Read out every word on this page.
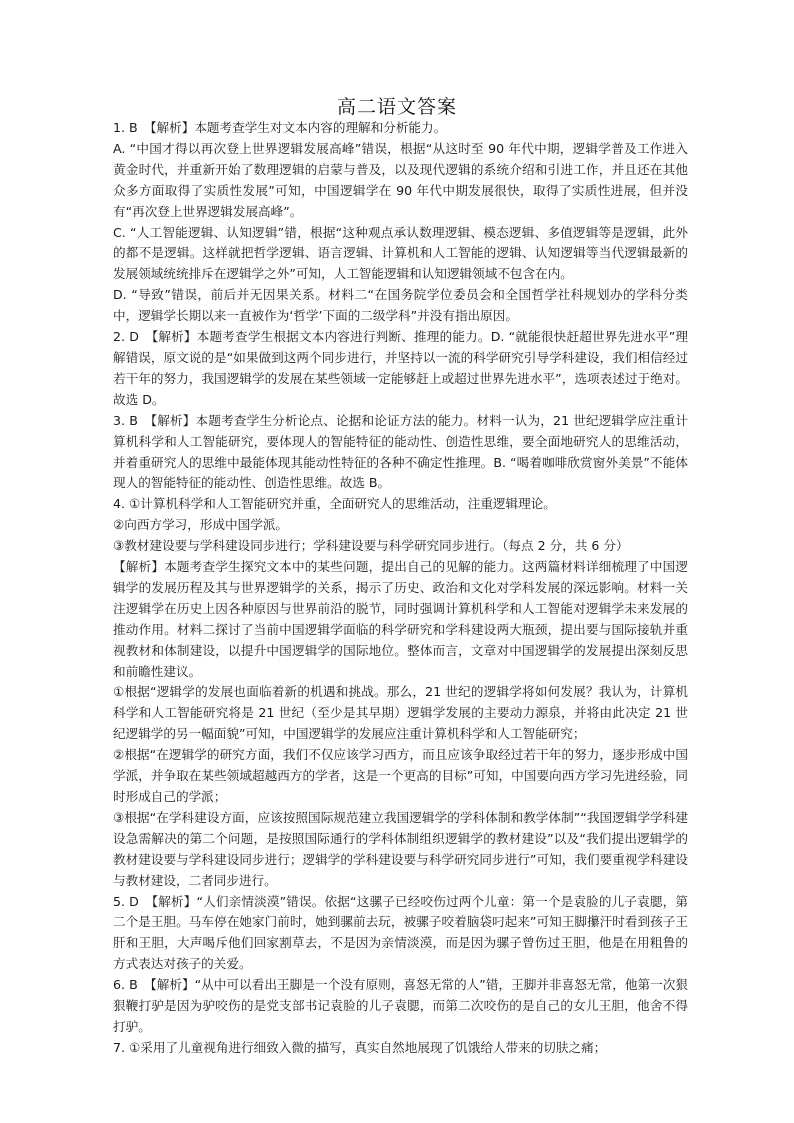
高二语文答案

1. B　【解析】本题考查学生对文本内容的理解和分析能力。

A. “中国才得以再次登上世界逻辑发展高峰”错误，根据“从这时至 90 年代中期，逻辑学普及工作进入黄金时代，并重新开始了数理逻辑的启蒙与普及，以及现代逻辑的系统介绍和引进工作，并且还在其他众多方面取得了实质性发展”可知，中国逻辑学在 90 年代中期发展很快，取得了实质性进展，但并没有“再次登上世界逻辑发展高峰”。

C. “人工智能逻辑、认知逻辑”错，根据“这种观点承认数理逻辑、模态逻辑、多值逻辑等是逻辑，此外的都不是逻辑。这样就把哲学逻辑、语言逻辑、计算机和人工智能的逻辑、认知逻辑等当代逻辑最新的发展领域统统排斥在逻辑学之外”可知，人工智能逻辑和认知逻辑领域不包含在内。

D. “导致”错误，前后并无因果关系。材料二“在国务院学位委员会和全国哲学社科规划办的学科分类中，逻辑学长期以来一直被作为‘哲学’下面的二级学科”并没有指出原因。

2. D　【解析】本题考查学生根据文本内容进行判断、推理的能力。D. “就能很快赶超世界先进水平”理解错误，原文说的是“如果做到这两个同步进行，并坚持以一流的科学研究引导学科建设，我们相信经过若干年的努力，我国逻辑学的发展在某些领域一定能够赶上或超过世界先进水平”，选项表述过于绝对。故选 D。

3. B　【解析】本题考查学生分析论点、论据和论证方法的能力。材料一认为，21 世纪逻辑学应注重计算机科学和人工智能研究，要体现人的智能特征的能动性、创造性思维，要全面地研究人的思维活动，并着重研究人的思维中最能体现其能动性特征的各种不确定性推理。B. “喝着咖啡欣赏窗外美景”不能体现人的智能特征的能动性、创造性思维。故选 B。

4. ①计算机科学和人工智能研究并重，全面研究人的思维活动，注重逻辑理论。

②向西方学习，形成中国学派。

③教材建设要与学科建设同步进行；学科建设要与科学研究同步进行。（每点 2 分，共 6 分）

【解析】本题考查学生探究文本中的某些问题，提出自己的见解的能力。这两篇材料详细梳理了中国逻辑学的发展历程及其与世界逻辑学的关系，揭示了历史、政治和文化对学科发展的深远影响。材料一关注逻辑学在历史上因各种原因与世界前沿的脱节，同时强调计算机科学和人工智能对逻辑学未来发展的推动作用。材料二探讨了当前中国逻辑学面临的科学研究和学科建设两大瓶颈，提出要与国际接轨并重视教材和体制建设，以提升中国逻辑学的国际地位。整体而言，文章对中国逻辑学的发展提出深刻反思和前瞻性建议。

①根据“逻辑学的发展也面临着新的机遇和挑战。那么，21 世纪的逻辑学将如何发展？我认为，计算机科学和人工智能研究将是 21 世纪（至少是其早期）逻辑学发展的主要动力源泉，并将由此决定 21 世纪逻辑学的另一幅面貌”可知，中国逻辑学的发展应注重计算机科学和人工智能研究；

②根据“在逻辑学的研究方面，我们不仅应该学习西方，而且应该争取经过若干年的努力，逐步形成中国学派，并争取在某些领域超越西方的学者，这是一个更高的目标”可知，中国要向西方学习先进经验，同时形成自己的学派；

③根据“在学科建设方面，应该按照国际规范建立我国逻辑学的学科体制和教学体制”“我国逻辑学学科建设急需解决的第二个问题，是按照国际通行的学科体制组织逻辑学的教材建设”以及“我们提出逻辑学的教材建设要与学科建设同步进行；逻辑学的学科建设要与科学研究同步进行”可知，我们要重视学科建设与教材建设，二者同步进行。

5. D　【解析】“人们亲情淡漠”错误。依据“这骡子已经咬伤过两个儿童：第一个是袁脸的儿子袁腮，第二个是王胆。马车停在她家门前时，她到骡前去玩，被骡子咬着脑袋叼起来”可知王脚攥汗时看到孩子王肝和王胆，大声喝斥他们回家割草去，不是因为亲情淡漠，而是因为骡子曾伤过王胆，他是在用粗鲁的方式表达对孩子的关爱。

6. B　【解析】“从中可以看出王脚是一个没有原则，喜怒无常的人”错，王脚并非喜怒无常，他第一次狠狠鞭打驴是因为驴咬伤的是党支部书记袁脸的儿子袁腮，而第二次咬伤的是自己的女儿王胆，他舍不得打驴。

7. ①采用了儿童视角进行细致入微的描写，真实自然地展现了饥饿给人带来的切肤之痛；
